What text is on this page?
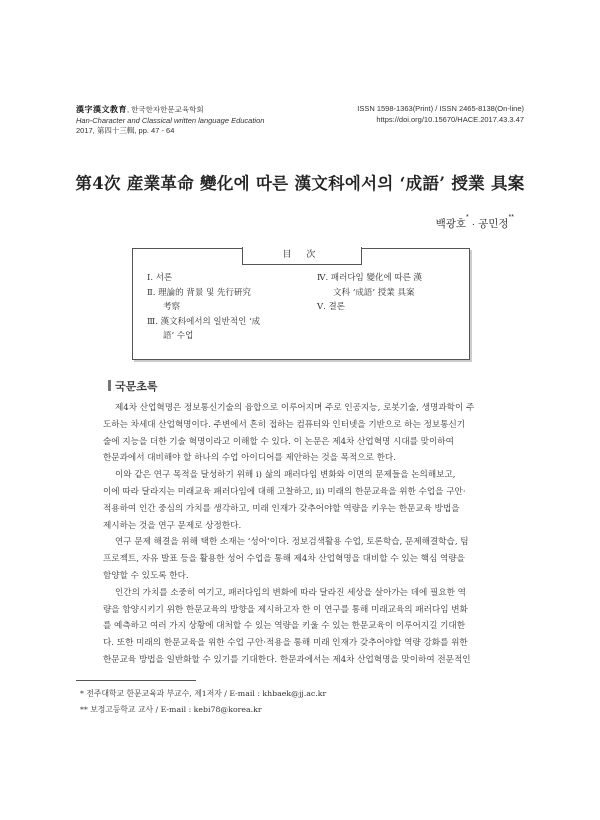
漢字漢文教育, 한국한자한문교육학회
Han-Character and Classical written language Education
2017, 第四十三輯, pp. 47 - 64
ISSN 1598-1363(Print) / ISSN 2465-8138(On-line)
https://doi.org/10.15670/HACE.2017.43.3.47
第4次 産業革命 變化에 따른 漢文科에서의 ‘成語’ 授業 具案
백광호* · 공민정**
目 次
Ⅰ. 서론
Ⅱ. 理論的 背景 및 先行硏究
考察
Ⅲ. 漢文科에서의 일반적인 ‘成
語’ 수업
Ⅳ. 패러다임 變化에 따른 漢
文科 ‘成語’ 授業 具案
Ⅴ. 결론
국문초록
제4차 산업혁명은 정보통신기술의 융합으로 이루어지며 주로 인공지능, 로봇기술, 생명과학이 주
도하는 차세대 산업혁명이다. 주변에서 흔히 접하는 컴퓨터와 인터넷을 기반으로 하는 정보통신기
술에 지능을 더한 기술 혁명이라고 이해할 수 있다. 이 논문은 제4차 산업혁명 시대를 맞이하여
한문과에서 대비해야 할 하나의 수업 아이디어를 제안하는 것을 목적으로 한다.
이와 같은 연구 목적을 달성하기 위해 ⅰ) 삶의 패러다임 변화와 이면의 문제들을 논의해보고,
이에 따라 달라지는 미래교육 패러다임에 대해 고찰하고, ⅱ) 미래의 한문교육을 위한 수업을 구안·
적용하여 인간 중심의 가치를 생각하고, 미래 인재가 갖추어야할 역량을 키우는 한문교육 방법을
제시하는 것을 연구 문제로 상정한다.
연구 문제 해결을 위해 택한 소재는 ‘성어’이다. 정보검색활용 수업, 토론학습, 문제해결학습, 팀
프로젝트, 자유 발표 등을 활용한 성어 수업을 통해 제4차 산업혁명을 대비할 수 있는 핵심 역량을
함양할 수 있도록 한다.
인간의 가치를 소중히 여기고, 패러다임의 변화에 따라 달라진 세상을 살아가는 데에 필요한 역
량을 함양시키기 위한 한문교육의 방향을 제시하고자 한 이 연구를 통해 미래교육의 패러다임 변화
를 예측하고 여러 가지 상황에 대처할 수 있는 역량을 키울 수 있는 한문교육이 이루어지길 기대한
다. 또한 미래의 한문교육을 위한 수업 구안·적용을 통해 미래 인재가 갖추어야할 역량 강화를 위한
한문교육 방법을 일반화할 수 있기를 기대한다. 한문과에서는 제4차 산업혁명을 맞이하여 전문적인
* 전주대학교 한문교육과 부교수, 제1저자 / E-mail : khbaek@jj.ac.kr
** 보정고등학교 교사 / E-mail : kebi78@korea.kr
